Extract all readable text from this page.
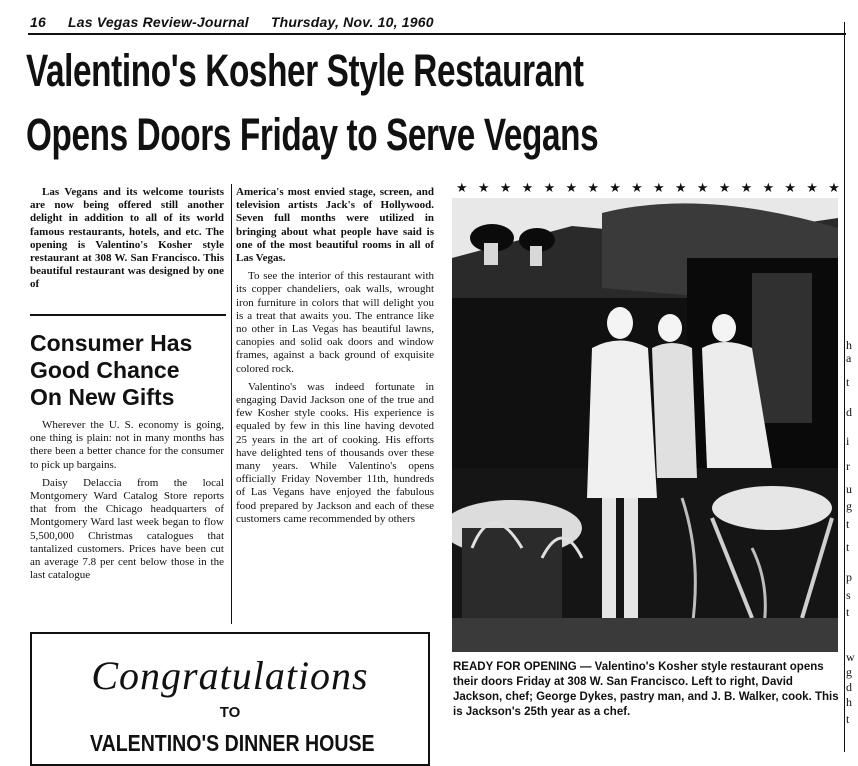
16 Las Vegas Review-Journal Thursday, Nov. 10, 1960
Valentino's Kosher Style Restaurant
Opens Doors Friday to Serve Vegans

Las Vegans and its welcome tourists are now being offered still another delight in addition to all of its world famous restaurants, hotels, and etc. The opening is Valentino's Kosher style restaurant at 308 W. San Francisco. This beautiful restaurant was designed by one of

Consumer Has
Good Chance
On New Gifts

Wherever the U. S. economy is going, one thing is plain: not in many months has there been a better chance for the consumer to pick up bargains.

Daisy Delaccia from the local Montgomery Ward Catalog Store reports that from the Chicago headquarters of Montgomery Ward last week began to flow 5,500,000 Christmas catalogues that tantalized customers. Prices have been cut an average 7.8 per cent below those in the last catalogue

America's most envied stage, screen, and television artists Jack's of Hollywood. Seven full months were utilized in bringing about what people have said is one of the most beautiful rooms in all of Las Vegas.

To see the interior of this restaurant with its copper chandeliers, oak walls, wrought iron furniture in colors that will delight you is a treat that awaits you. The entrance like no other in Las Vegas has beautiful lawns, canopies and solid oak doors and window frames, against a back ground of exquisite colored rock.

Valentino's was indeed fortunate in engaging David Jackson one of the true and few Kosher style cooks. His experience is equaled by few in this line having devoted 25 years in the art of cooking. His efforts have delighted tens of thousands over these many years. While Valentino's opens officially Friday November 11th, hundreds of Las Vegans have enjoyed the fabulous food prepared by Jackson and each of these customers came recommended by others

★ ★ ★ ★ ★ ★ ★ ★ ★ ★ ★ ★ ★ ★ ★ ★ ★ ★
READY FOR OPENING — Valentino's Kosher style restaurant opens their doors Friday at 308 W. San Francisco. Left to right, David Jackson, chef; George Dykes, pastry man, and J. B. Walker, cook. This is Jackson's 25th year as a chef.
Congratulations
TO
VALENTINO'S DINNER HOUSE
h
a
t
d
i
r
u
g
t
t
p
s
t
w
g
d
h
t
